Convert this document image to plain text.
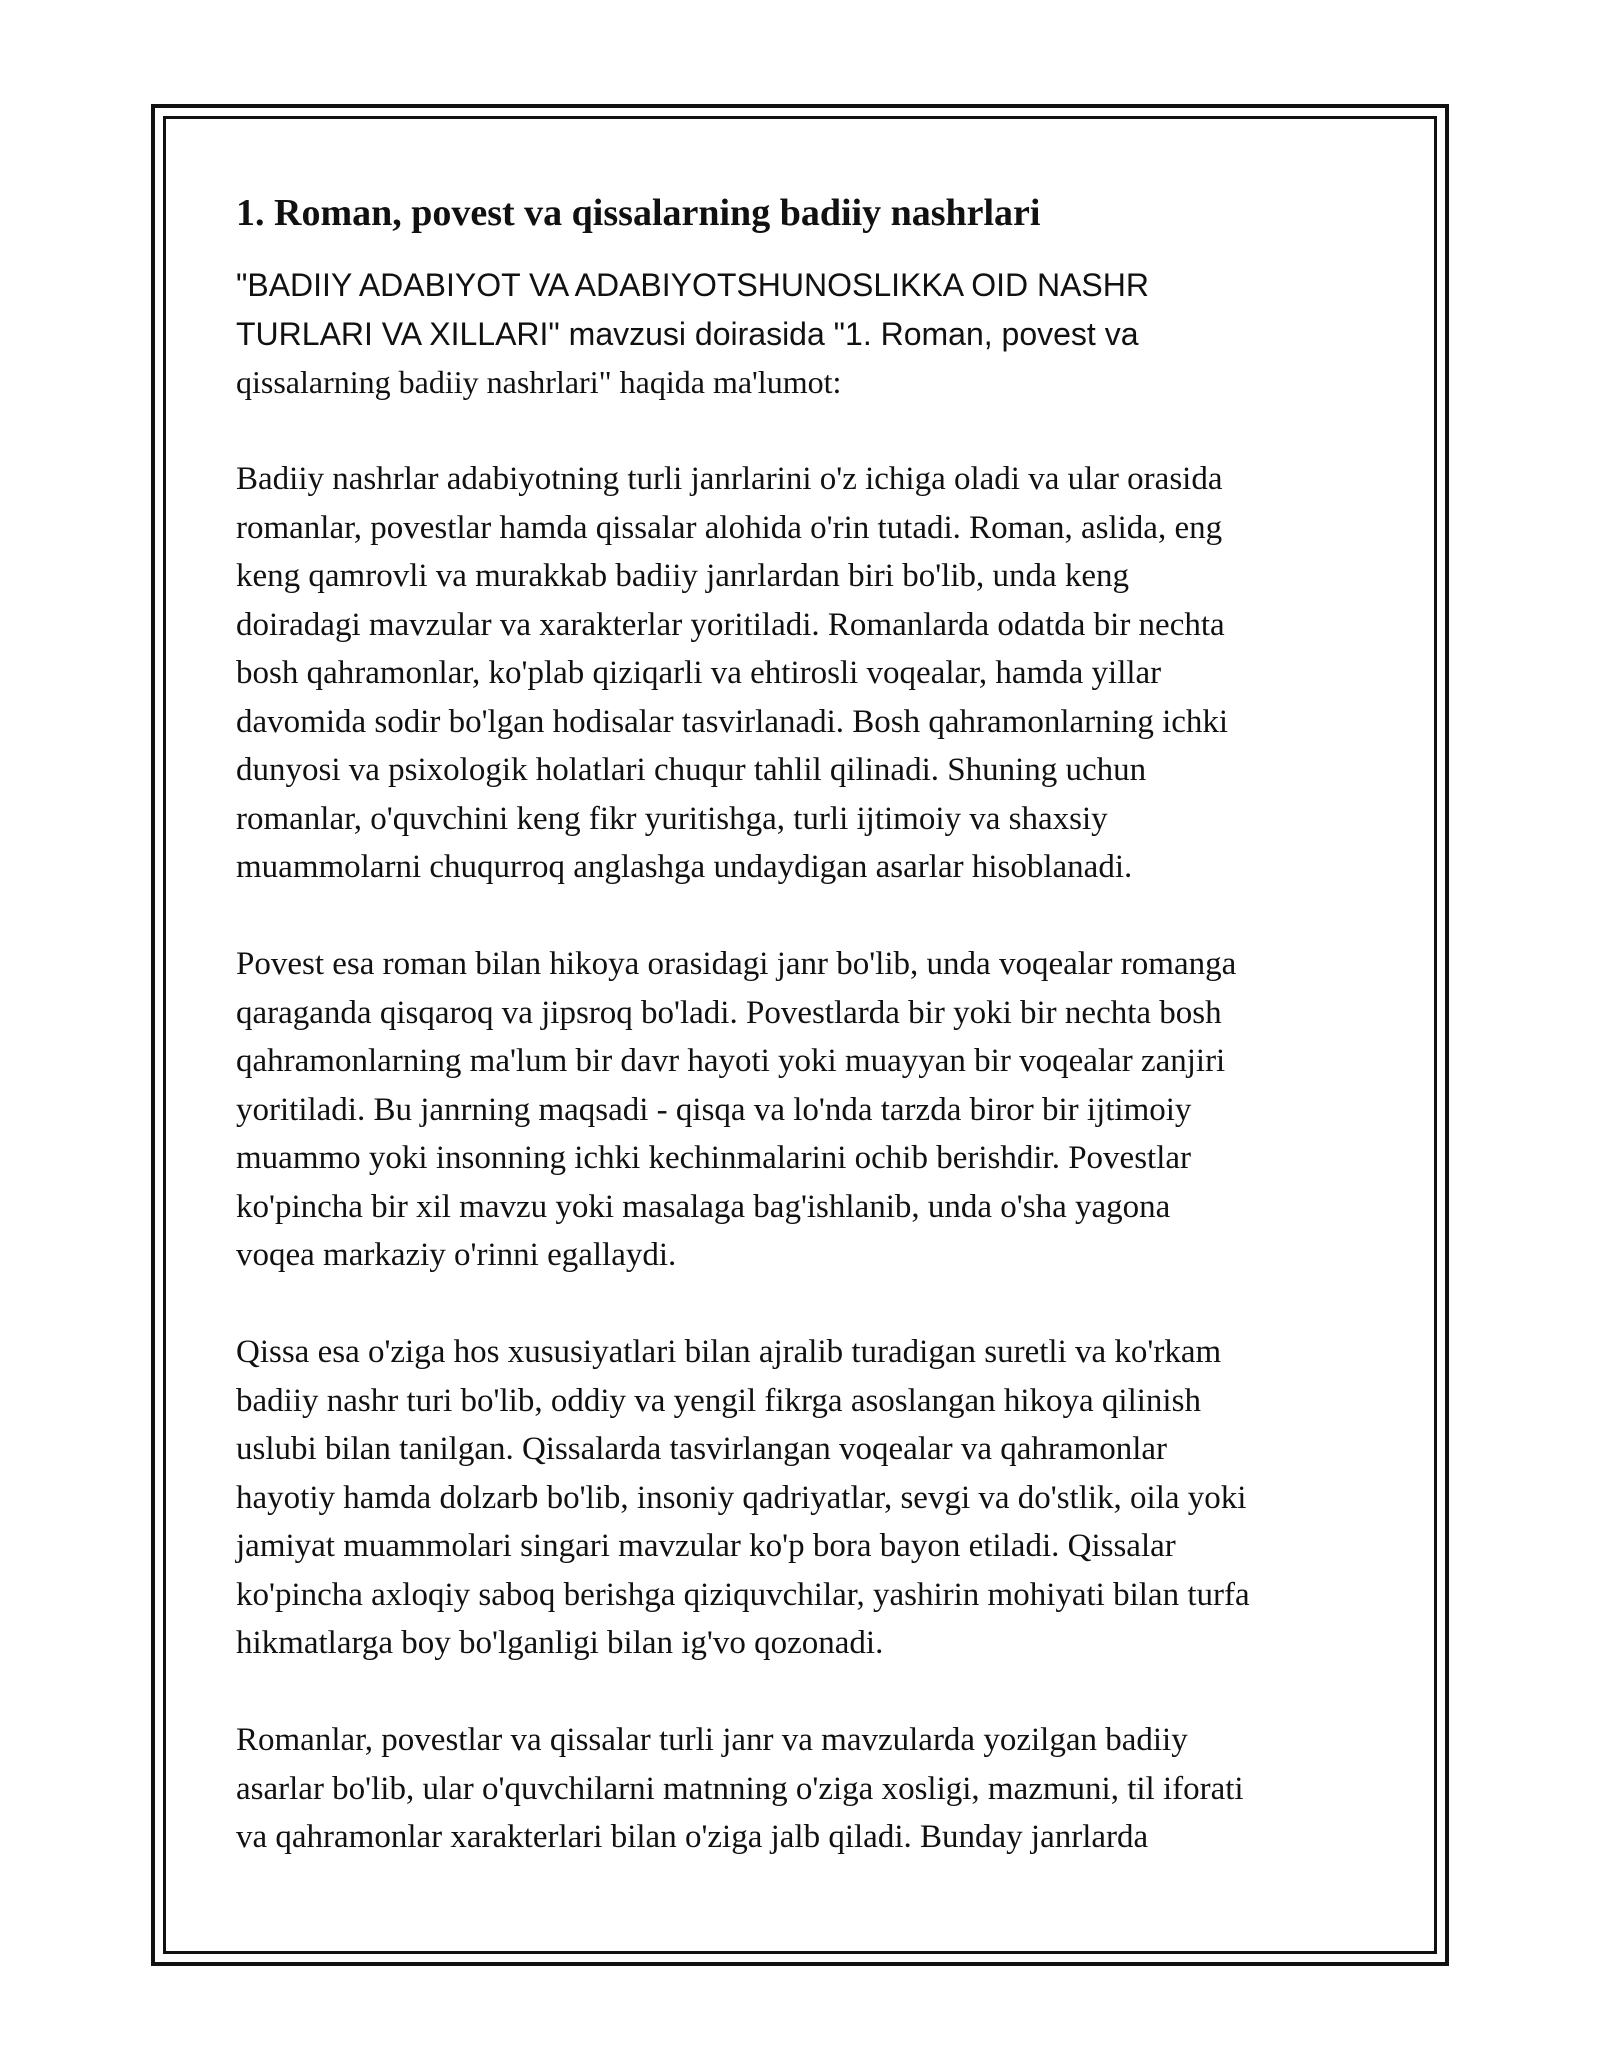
1. Roman, povest va qissalarning badiiy nashrlari
"BADIIY ADABIYOT VA ADABIYOTSHUNOSLIKKA OID NASHR
TURLARI VA XILLARI" mavzusi doirasida "1. Roman, povest va
qissalarning badiiy nashrlari" haqida ma'lumot:
Badiiy nashrlar adabiyotning turli janrlarini o'z ichiga oladi va ular orasida
romanlar, povestlar hamda qissalar alohida o'rin tutadi. Roman, aslida, eng
keng qamrovli va murakkab badiiy janrlardan biri bo'lib, unda keng
doiradagi mavzular va xarakterlar yoritiladi. Romanlarda odatda bir nechta
bosh qahramonlar, ko'plab qiziqarli va ehtirosli voqealar, hamda yillar
davomida sodir bo'lgan hodisalar tasvirlanadi. Bosh qahramonlarning ichki
dunyosi va psixologik holatlari chuqur tahlil qilinadi. Shuning uchun
romanlar, o'quvchini keng fikr yuritishga, turli ijtimoiy va shaxsiy
muammolarni chuqurroq anglashga undaydigan asarlar hisoblanadi.
Povest esa roman bilan hikoya orasidagi janr bo'lib, unda voqealar romanga
qaraganda qisqaroq va jipsroq bo'ladi. Povestlarda bir yoki bir nechta bosh
qahramonlarning ma'lum bir davr hayoti yoki muayyan bir voqealar zanjiri
yoritiladi. Bu janrning maqsadi - qisqa va lo'nda tarzda biror bir ijtimoiy
muammo yoki insonning ichki kechinmalarini ochib berishdir. Povestlar
ko'pincha bir xil mavzu yoki masalaga bag'ishlanib, unda o'sha yagona
voqea markaziy o'rinni egallaydi.
Qissa esa o'ziga hos xususiyatlari bilan ajralib turadigan suretli va ko'rkam
badiiy nashr turi bo'lib, oddiy va yengil fikrga asoslangan hikoya qilinish
uslubi bilan tanilgan. Qissalarda tasvirlangan voqealar va qahramonlar
hayotiy hamda dolzarb bo'lib, insoniy qadriyatlar, sevgi va do'stlik, oila yoki
jamiyat muammolari singari mavzular ko'p bora bayon etiladi. Qissalar
ko'pincha axloqiy saboq berishga qiziquvchilar, yashirin mohiyati bilan turfa
hikmatlarga boy bo'lganligi bilan ig'vo qozonadi.
Romanlar, povestlar va qissalar turli janr va mavzularda yozilgan badiiy
asarlar bo'lib, ular o'quvchilarni matnning o'ziga xosligi, mazmuni, til iforati
va qahramonlar xarakterlari bilan o'ziga jalb qiladi. Bunday janrlarda
